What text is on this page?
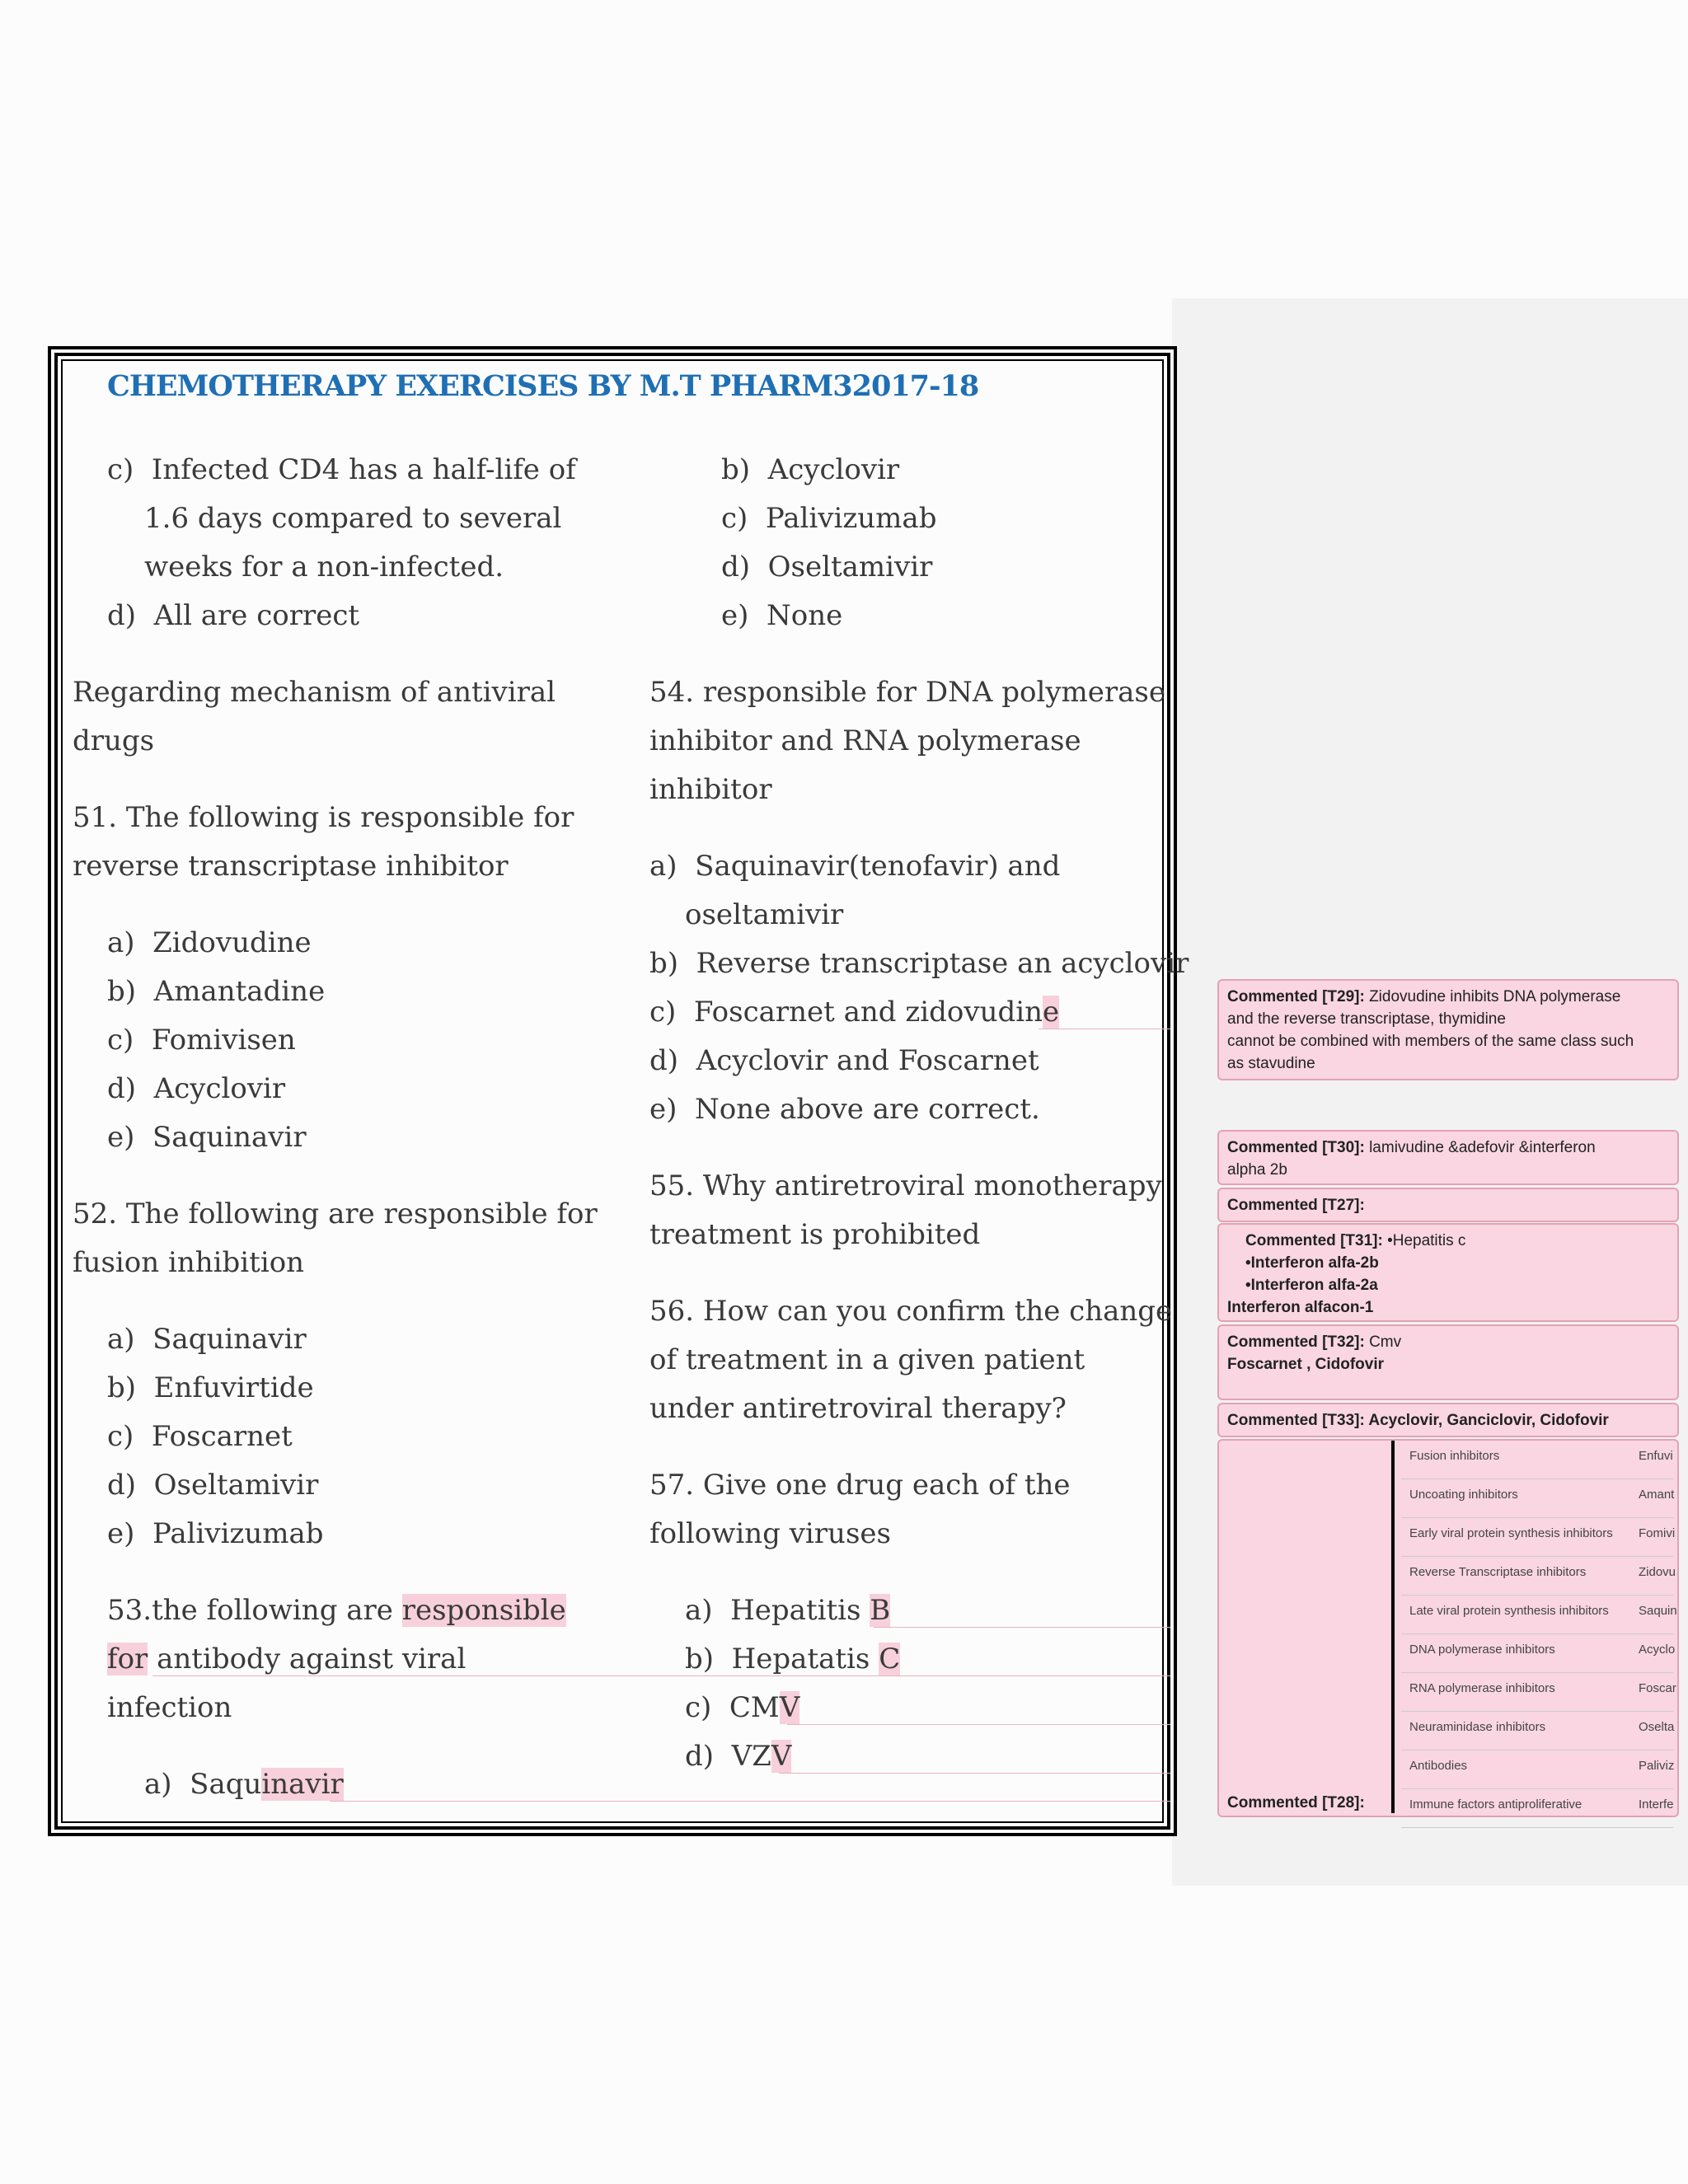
CHEMOTHERAPY EXERCISES BY M.T PHARM32017-18
c)  Infected CD4 has a half-life of
1.6 days compared to several
weeks for a non-infected.
d)  All are correct
Regarding mechanism of antiviral
drugs
51. The following is responsible for
reverse transcriptase inhibitor
a)  Zidovudine
b)  Amantadine
c)  Fomivisen
d)  Acyclovir
e)  Saquinavir
52. The following are responsible for
fusion inhibition
a)  Saquinavir
b)  Enfuvirtide
c)  Foscarnet
d)  Oseltamivir
e)  Palivizumab
53.the following are responsible
for antibody against viral
infection
a)  Saquinavir
b)  Acyclovir
c)  Palivizumab
d)  Oseltamivir
e)  None
54. responsible for DNA polymerase
inhibitor and RNA polymerase
inhibitor
a)  Saquinavir(tenofavir) and
oseltamivir
b)  Reverse transcriptase an acyclovir
c)  Foscarnet and zidovudine
d)  Acyclovir and Foscarnet
e)  None above are correct.
55. Why antiretroviral monotherapy
treatment is prohibited
56. How can you confirm the change
of treatment in a given patient
under antiretroviral therapy?
57. Give one drug each of the
following viruses
a)  Hepatitis B
b)  Hepatatis C
c)  CMV
d)  VZV
Commented [T29]: Zidovudine inhibits DNA polymerase
and the reverse transcriptase, thymidine
cannot be combined with members of the same class such
as stavudine
Commented [T30]: lamivudine &adefovir &interferon
alpha 2b
Commented [T27]:
Commented [T31]: •Hepatitis c
•Interferon alfa-2b
•Interferon alfa-2a
Interferon alfacon-1
Commented [T32]: Cmv
Foscarnet , Cidofovir
Commented [T33]: Acyclovir, Ganciclovir, Cidofovir
Commented [T28]:
Fusion inhibitors	Enfuvi
Uncoating inhibitors	Amant
Early viral protein synthesis inhibitors Fomivi
Reverse Transcriptase inhibitors	Zidovu
Late viral protein synthesis inhibitors Saquin
DNA polymerase inhibitors	Acyclo
RNA polymerase inhibitors	Foscar
Neuraminidase inhibitors	Oselta
Antibodies	Paliviz
Immune factors antiproliferative	Interfe
